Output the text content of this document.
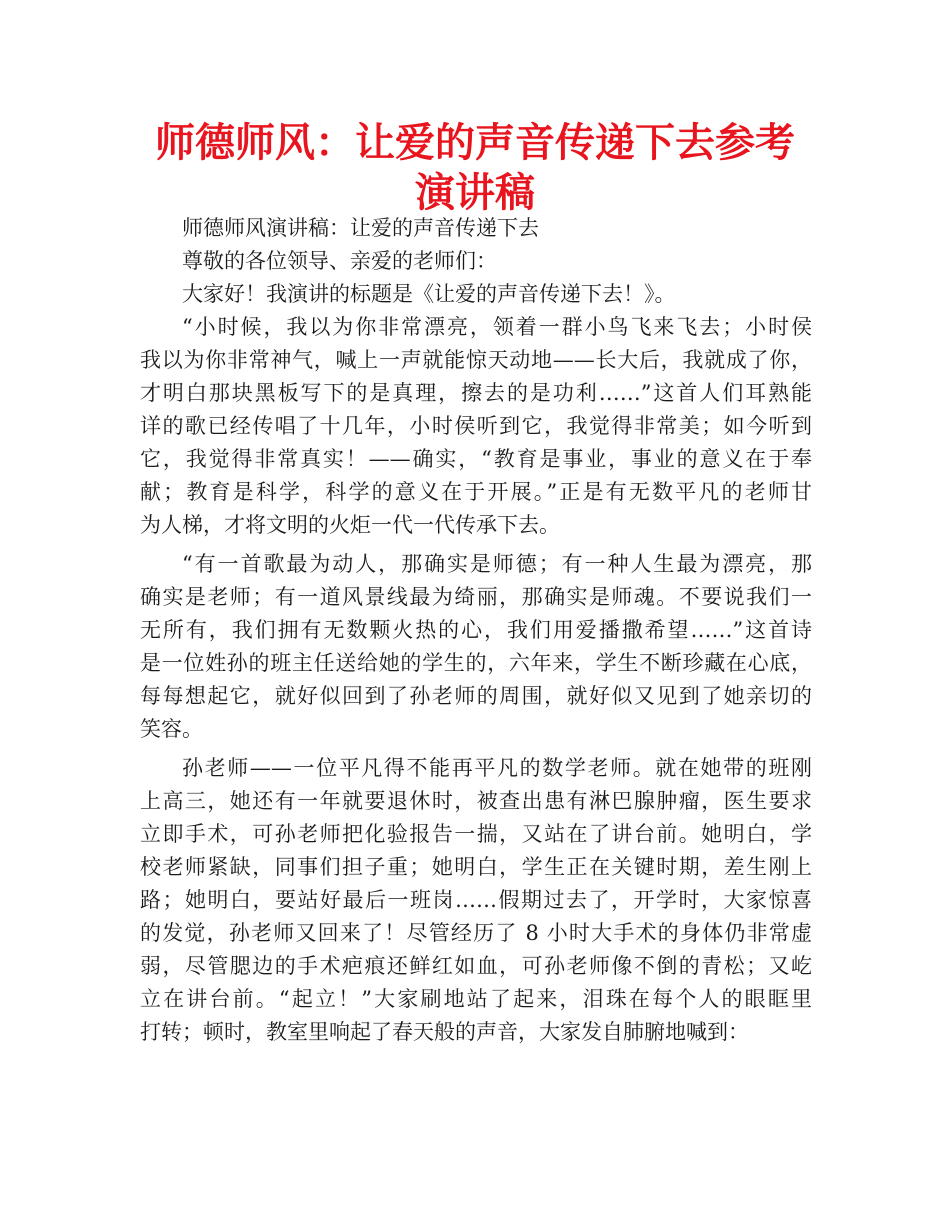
师德师风：让爱的声音传递下去参考演讲稿
师德师风演讲稿：让爱的声音传递下去
尊敬的各位领导、亲爱的老师们：
大家好！我演讲的标题是《让爱的声音传递下去！》。
“小时候，我以为你非常漂亮，领着一群小鸟飞来飞去；小时侯
我以为你非常神气，喊上一声就能惊天动地——长大后，我就成了你，
才明白那块黑板写下的是真理，擦去的是功利……”这首人们耳熟能
详的歌已经传唱了十几年，小时侯听到它，我觉得非常美；如今听到
它，我觉得非常真实！——确实，“教育是事业，事业的意义在于奉
献；教育是科学，科学的意义在于开展。”正是有无数平凡的老师甘
为人梯，才将文明的火炬一代一代传承下去。
“有一首歌最为动人，那确实是师德；有一种人生最为漂亮，那
确实是老师；有一道风景线最为绮丽，那确实是师魂。不要说我们一
无所有，我们拥有无数颗火热的心，我们用爱播撒希望……”这首诗
是一位姓孙的班主任送给她的学生的，六年来，学生不断珍藏在心底，
每每想起它，就好似回到了孙老师的周围，就好似又见到了她亲切的
笑容。
孙老师——一位平凡得不能再平凡的数学老师。就在她带的班刚
上高三，她还有一年就要退休时，被查出患有淋巴腺肿瘤，医生要求
立即手术，可孙老师把化验报告一揣，又站在了讲台前。她明白，学
校老师紧缺，同事们担子重；她明白，学生正在关键时期，差生刚上
路；她明白，要站好最后一班岗……假期过去了，开学时，大家惊喜
的发觉，孙老师又回来了！尽管经历了 8 小时大手术的身体仍非常虚
弱，尽管腮边的手术疤痕还鲜红如血，可孙老师像不倒的青松；又屹
立在讲台前。“起立！”大家刷地站了起来，泪珠在每个人的眼眶里
打转；顿时，教室里响起了春天般的声音，大家发自肺腑地喊到：
